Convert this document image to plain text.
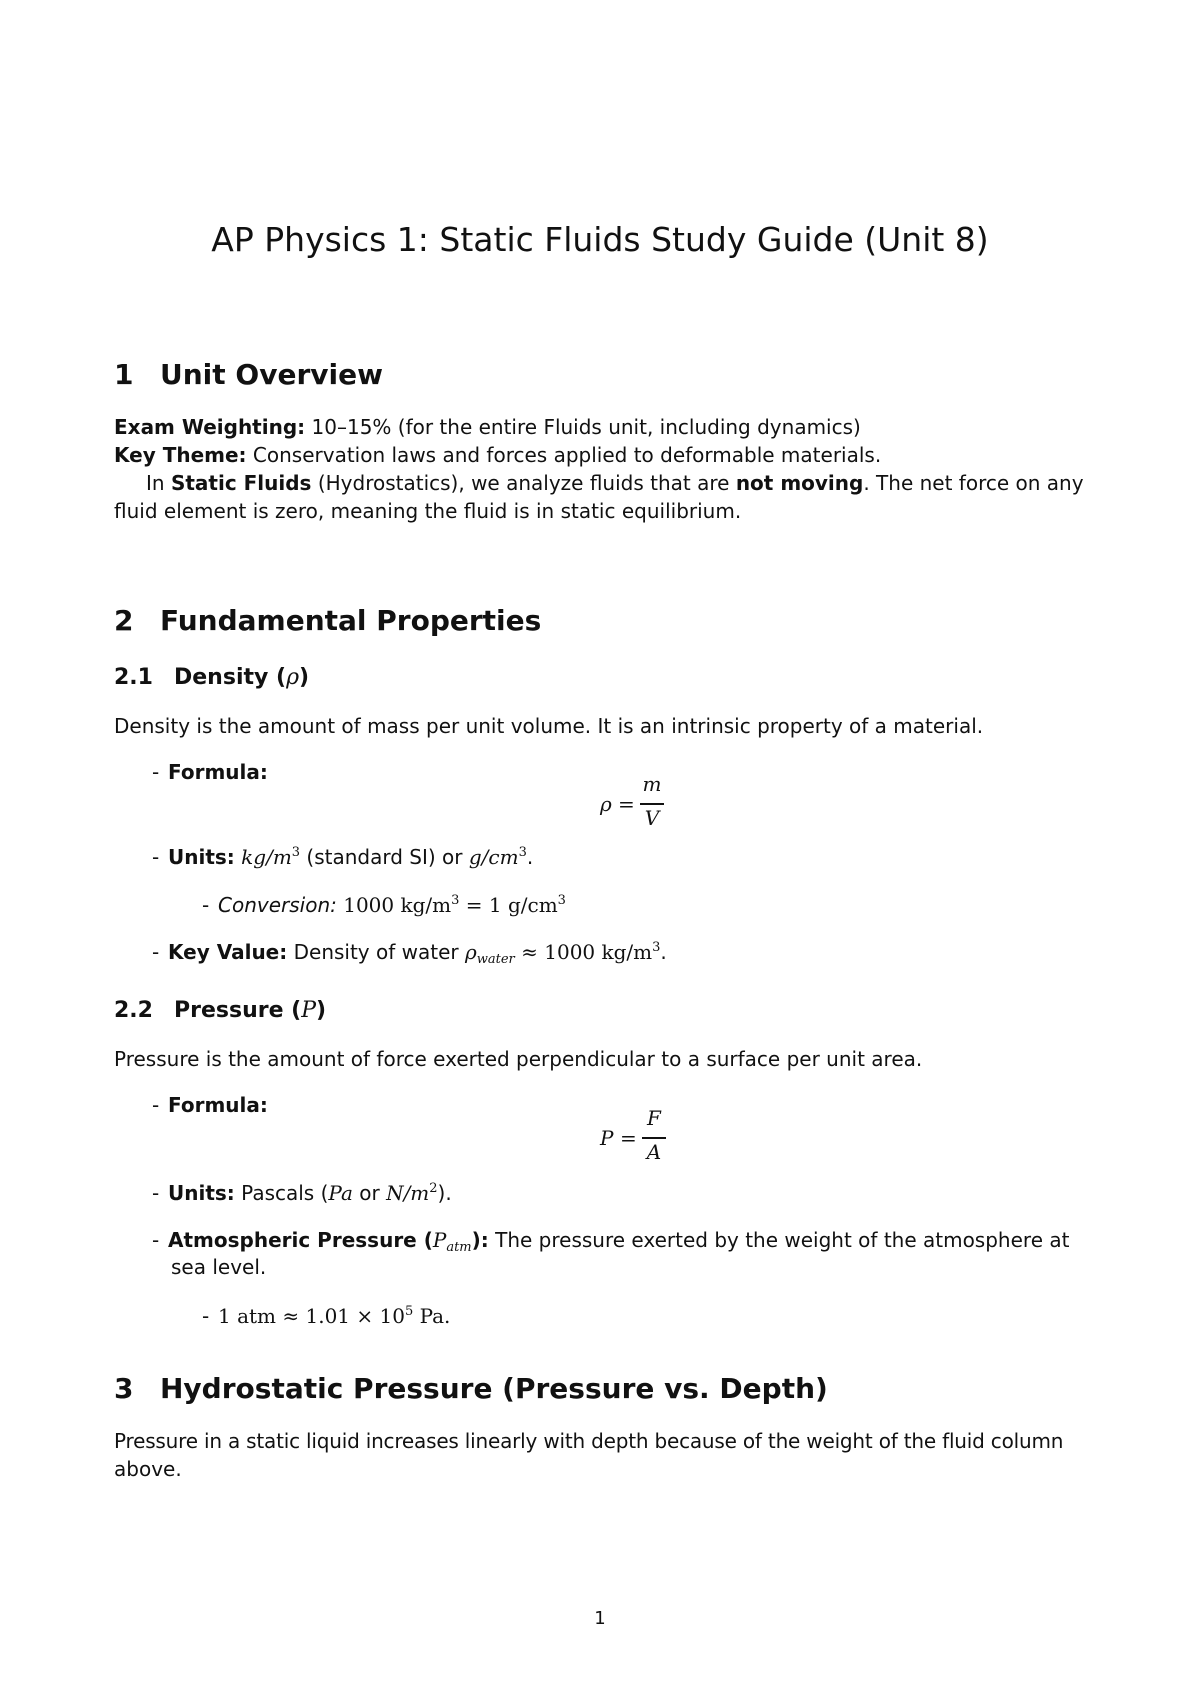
AP Physics 1: Static Fluids Study Guide (Unit 8)
1 Unit Overview
Exam Weighting: 10–15% (for the entire Fluids unit, including dynamics)
Key Theme: Conservation laws and forces applied to deformable materials.
In Static Fluids (Hydrostatics), we analyze fluids that are not moving. The net force on any
fluid element is zero, meaning the fluid is in static equilibrium.
2 Fundamental Properties
2.1 Density (ρ)
Density is the amount of mass per unit volume. It is an intrinsic property of a material.
- Formula:
ρ =
m
V
- Units: $kg/m^3$ (standard SI) or $g/cm^3$.
- Conversion: 1000 $kg/m^3 = 1$ $g/cm^3$
- Key Value: Density of water $\rho_{water} \approx 1000$ $kg/m^3$.
2.2 Pressure (P)
Pressure is the amount of force exerted perpendicular to a surface per unit area.
- Formula:
P =
F
A
- Units: Pascals (Pa or $N/m^2$).
- Atmospheric Pressure $(P_{atm})$: The pressure exerted by the weight of the atmosphere at
sea level.
- 1 atm ≈ $1.01 \times 10^5$ Pa.
3 Hydrostatic Pressure (Pressure vs. Depth)
Pressure in a static liquid increases linearly with depth because of the weight of the fluid column
above.
1
